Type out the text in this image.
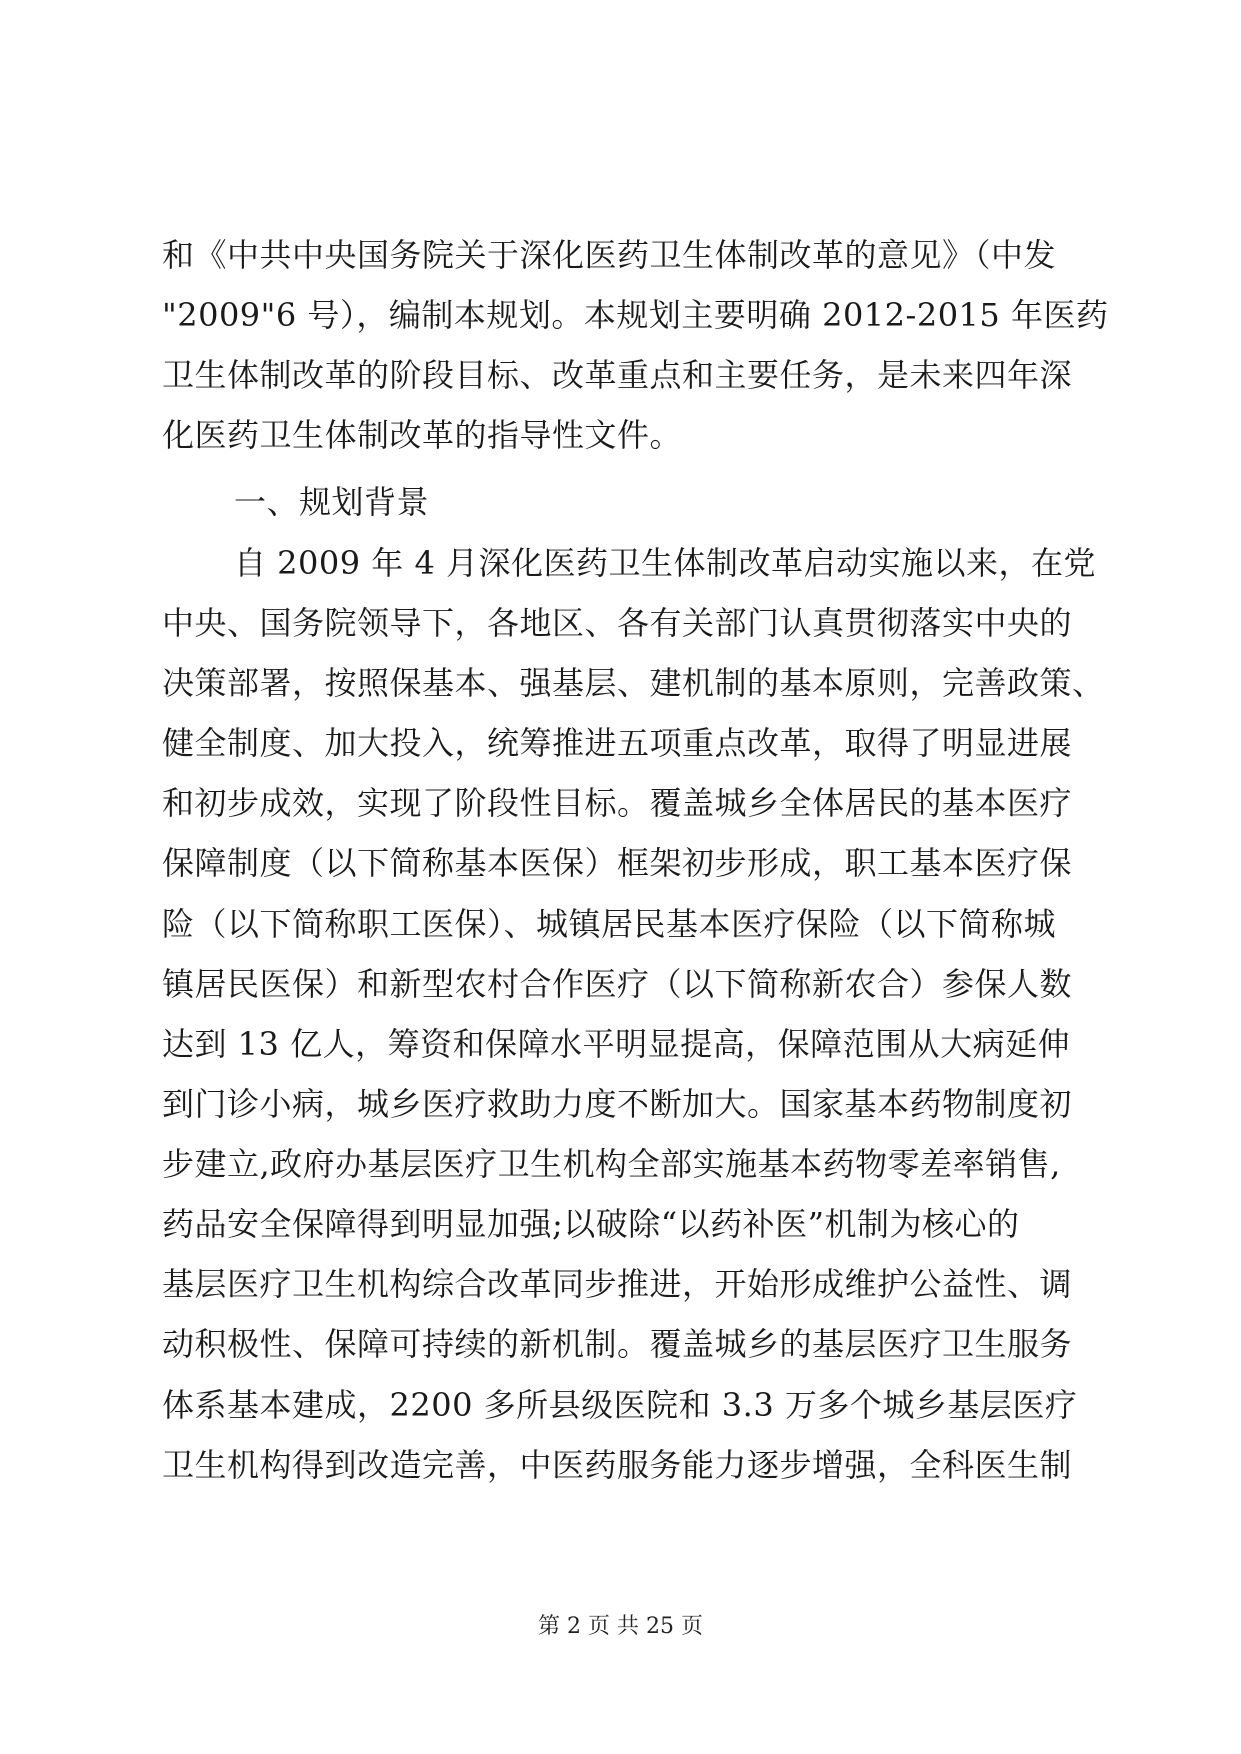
和《中共中央国务院关于深化医药卫生体制改革的意见》（中发
"2009"6 号），编制本规划。本规划主要明确 2012-2015 年医药
卫生体制改革的阶段目标、改革重点和主要任务，是未来四年深
化医药卫生体制改革的指导性文件。
一、规划背景
自 2009 年 4 月深化医药卫生体制改革启动实施以来，在党
中央、国务院领导下，各地区、各有关部门认真贯彻落实中央的
决策部署，按照保基本、强基层、建机制的基本原则，完善政策、
健全制度、加大投入，统筹推进五项重点改革，取得了明显进展
和初步成效，实现了阶段性目标。覆盖城乡全体居民的基本医疗
保障制度（以下简称基本医保）框架初步形成，职工基本医疗保
险（以下简称职工医保）、城镇居民基本医疗保险（以下简称城
镇居民医保）和新型农村合作医疗（以下简称新农合）参保人数
达到 13 亿人，筹资和保障水平明显提高，保障范围从大病延伸
到门诊小病，城乡医疗救助力度不断加大。国家基本药物制度初
步建立,政府办基层医疗卫生机构全部实施基本药物零差率销售,
药品安全保障得到明显加强;以破除“以药补医”机制为核心的
基层医疗卫生机构综合改革同步推进，开始形成维护公益性、调
动积极性、保障可持续的新机制。覆盖城乡的基层医疗卫生服务
体系基本建成，2200 多所县级医院和 3.3 万多个城乡基层医疗
卫生机构得到改造完善，中医药服务能力逐步增强，全科医生制
第 2 页 共 25 页
